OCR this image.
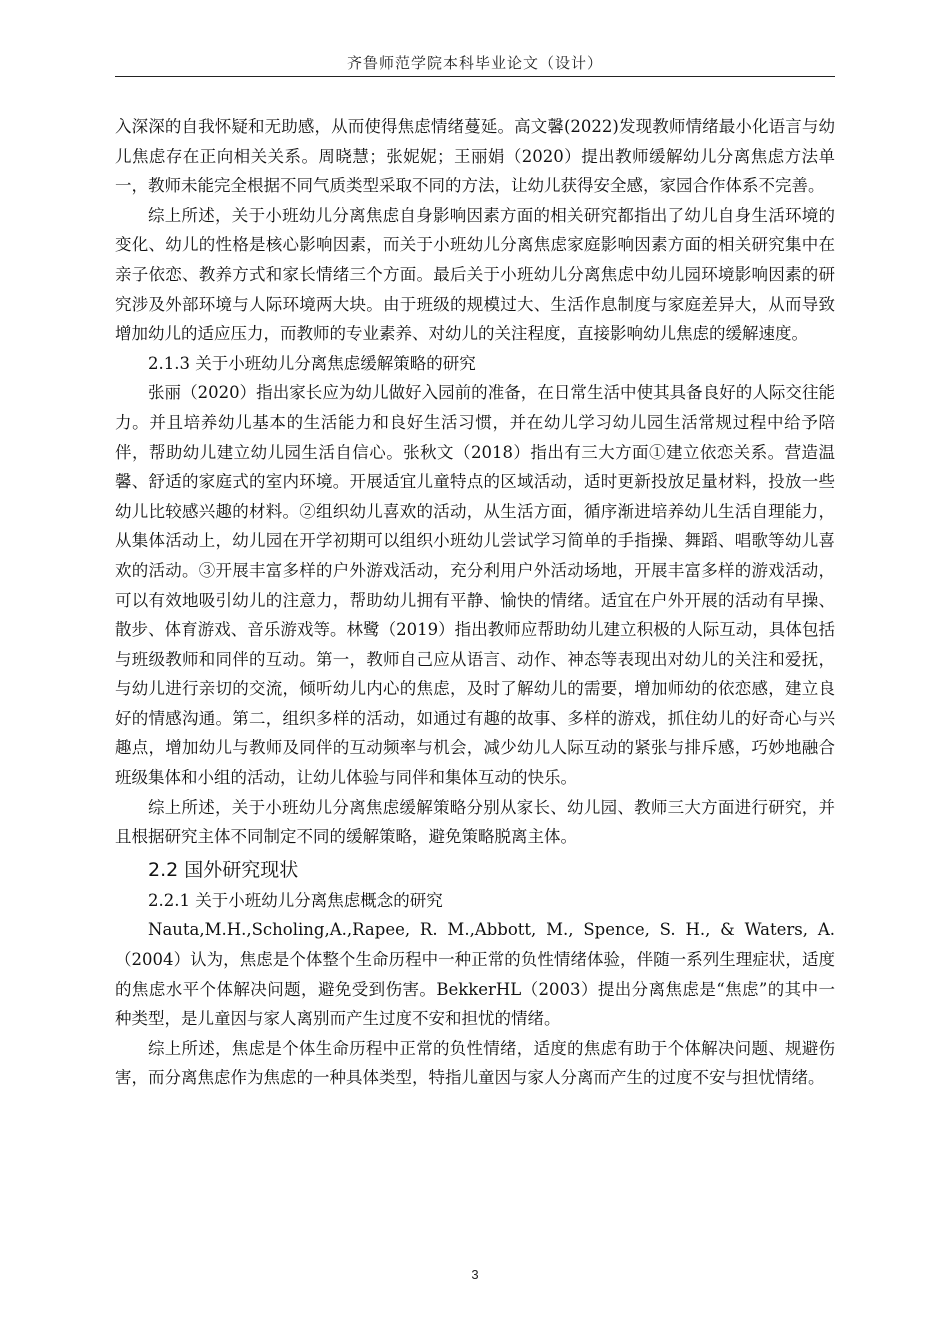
齐鲁师范学院本科毕业论文（设计）

入深深的自我怀疑和无助感，从而使得焦虑情绪蔓延。高文馨(2022)发现教师情绪最小化语言与幼儿焦虑存在正向相关关系。周晓慧；张妮妮；王丽娟（2020）提出教师缓解幼儿分离焦虑方法单一，教师未能完全根据不同气质类型采取不同的方法，让幼儿获得安全感，家园合作体系不完善。

综上所述，关于小班幼儿分离焦虑自身影响因素方面的相关研究都指出了幼儿自身生活环境的变化、幼儿的性格是核心影响因素，而关于小班幼儿分离焦虑家庭影响因素方面的相关研究集中在亲子依恋、教养方式和家长情绪三个方面。最后关于小班幼儿分离焦虑中幼儿园环境影响因素的研究涉及外部环境与人际环境两大块。由于班级的规模过大、生活作息制度与家庭差异大，从而导致增加幼儿的适应压力，而教师的专业素养、对幼儿的关注程度，直接影响幼儿焦虑的缓解速度。

2.1.3 关于小班幼儿分离焦虑缓解策略的研究

张丽（2020）指出家长应为幼儿做好入园前的准备，在日常生活中使其具备良好的人际交往能力。并且培养幼儿基本的生活能力和良好生活习惯，并在幼儿学习幼儿园生活常规过程中给予陪伴，帮助幼儿建立幼儿园生活自信心。张秋文（2018）指出有三大方面①建立依恋关系。营造温馨、舒适的家庭式的室内环境。开展适宜儿童特点的区域活动，适时更新投放足量材料，投放一些幼儿比较感兴趣的材料。②组织幼儿喜欢的活动，从生活方面，循序渐进培养幼儿生活自理能力，从集体活动上，幼儿园在开学初期可以组织小班幼儿尝试学习简单的手指操、舞蹈、唱歌等幼儿喜欢的活动。③开展丰富多样的户外游戏活动，充分利用户外活动场地，开展丰富多样的游戏活动，可以有效地吸引幼儿的注意力，帮助幼儿拥有平静、愉快的情绪。适宜在户外开展的活动有早操、散步、体育游戏、音乐游戏等。林鹭（2019）指出教师应帮助幼儿建立积极的人际互动，具体包括与班级教师和同伴的互动。第一，教师自己应从语言、动作、神态等表现出对幼儿的关注和爱抚，与幼儿进行亲切的交流，倾听幼儿内心的焦虑，及时了解幼儿的需要，增加师幼的依恋感，建立良好的情感沟通。第二，组织多样的活动，如通过有趣的故事、多样的游戏，抓住幼儿的好奇心与兴趣点，增加幼儿与教师及同伴的互动频率与机会，减少幼儿人际互动的紧张与排斥感，巧妙地融合班级集体和小组的活动，让幼儿体验与同伴和集体互动的快乐。

综上所述，关于小班幼儿分离焦虑缓解策略分别从家长、幼儿园、教师三大方面进行研究，并且根据研究主体不同制定不同的缓解策略，避免策略脱离主体。

2.2 国外研究现状

2.2.1 关于小班幼儿分离焦虑概念的研究

Nauta,M.H.,Scholing,A.,Rapee, R. M.,Abbott, M., Spence, S. H., & Waters, A.（2004）认为，焦虑是个体整个生命历程中一种正常的负性情绪体验，伴随一系列生理症状，适度的焦虑水平个体解决问题，避免受到伤害。BekkerHL（2003）提出分离焦虑是“焦虑”的其中一种类型，是儿童因与家人离别而产生过度不安和担忧的情绪。

综上所述，焦虑是个体生命历程中正常的负性情绪，适度的焦虑有助于个体解决问题、规避伤害，而分离焦虑作为焦虑的一种具体类型，特指儿童因与家人分离而产生的过度不安与担忧情绪。

3
